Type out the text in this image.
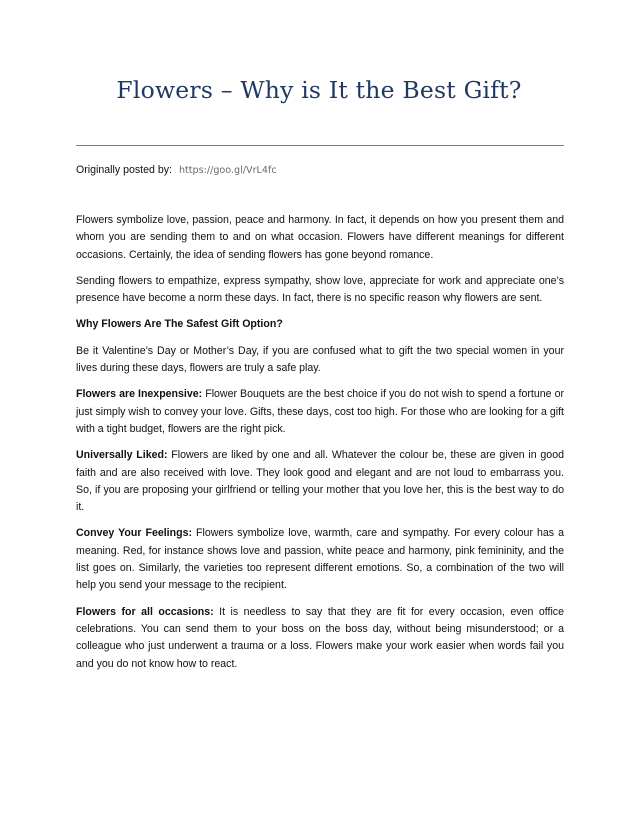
Flowers – Why is It the Best Gift?
Originally posted by: https://goo.gl/VrL4fc

Flowers symbolize love, passion, peace and harmony. In fact, it depends on how you present them and whom you are sending them to and on what occasion. Flowers have different meanings for different occasions. Certainly, the idea of sending flowers has gone beyond romance.

Sending flowers to empathize, express sympathy, show love, appreciate for work and appreciate one’s presence have become a norm these days. In fact, there is no specific reason why flowers are sent.

Why Flowers Are The Safest Gift Option?

Be it Valentine’s Day or Mother’s Day, if you are confused what to gift the two special women in your lives during these days, flowers are truly a safe play.

Flowers are Inexpensive: Flower Bouquets are the best choice if you do not wish to spend a fortune or just simply wish to convey your love. Gifts, these days, cost too high. For those who are looking for a gift with a tight budget, flowers are the right pick.

Universally Liked: Flowers are liked by one and all. Whatever the colour be, these are given in good faith and are also received with love. They look good and elegant and are not loud to embarrass you. So, if you are proposing your girlfriend or telling your mother that you love her, this is the best way to do it.

Convey Your Feelings: Flowers symbolize love, warmth, care and sympathy. For every colour has a meaning. Red, for instance shows love and passion, white peace and harmony, pink femininity, and the list goes on. Similarly, the varieties too represent different emotions. So, a combination of the two will help you send your message to the recipient.

Flowers for all occasions: It is needless to say that they are fit for every occasion, even office celebrations. You can send them to your boss on the boss day, without being misunderstood; or a colleague who just underwent a trauma or a loss. Flowers make your work easier when words fail you and you do not know how to react.
